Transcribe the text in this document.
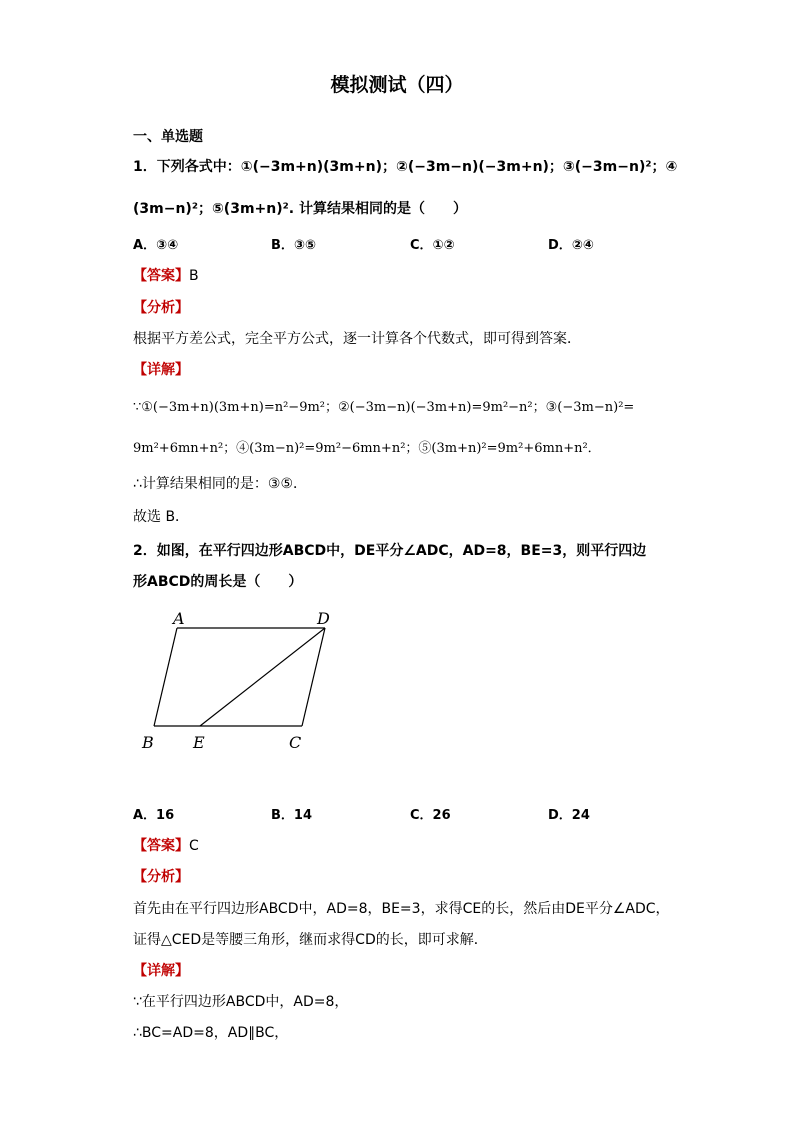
模拟测试（四）
一、单选题
1．下列各式中：①(−3m+n)(3m+n)；②(−3m−n)(−3m+n)；③(−3m−n)²；④
(3m−n)²；⑤(3m+n)². 计算结果相同的是（　　）
A．③④	B．③⑤	C．①②	D．②④
【答案】B
【分析】
根据平方差公式，完全平方公式，逐一计算各个代数式，即可得到答案．
【详解】
∵①(−3m+n)(3m+n)=n²−9m²；②(−3m−n)(−3m+n)=9m²−n²；③(−3m−n)²=
9m²+6mn+n²；④(3m−n)²=9m²−6mn+n²；⑤(3m+n)²=9m²+6mn+n²．
∴计算结果相同的是：③⑤．
故选 B．
2．如图，在平行四边形ABCD中，DE平分∠ADC，AD=8，BE=3，则平行四边
形ABCD的周长是（　　）
A	D
B E	C
A．16	B．14	C．26	D．24
【答案】C
【分析】
首先由在平行四边形ABCD中，AD=8，BE=3，求得CE的长，然后由DE平分∠ADC，
证得△CED是等腰三角形，继而求得CD的长，即可求解．
【详解】
∵在平行四边形ABCD中，AD=8，
∴BC=AD=8，AD∥BC，
